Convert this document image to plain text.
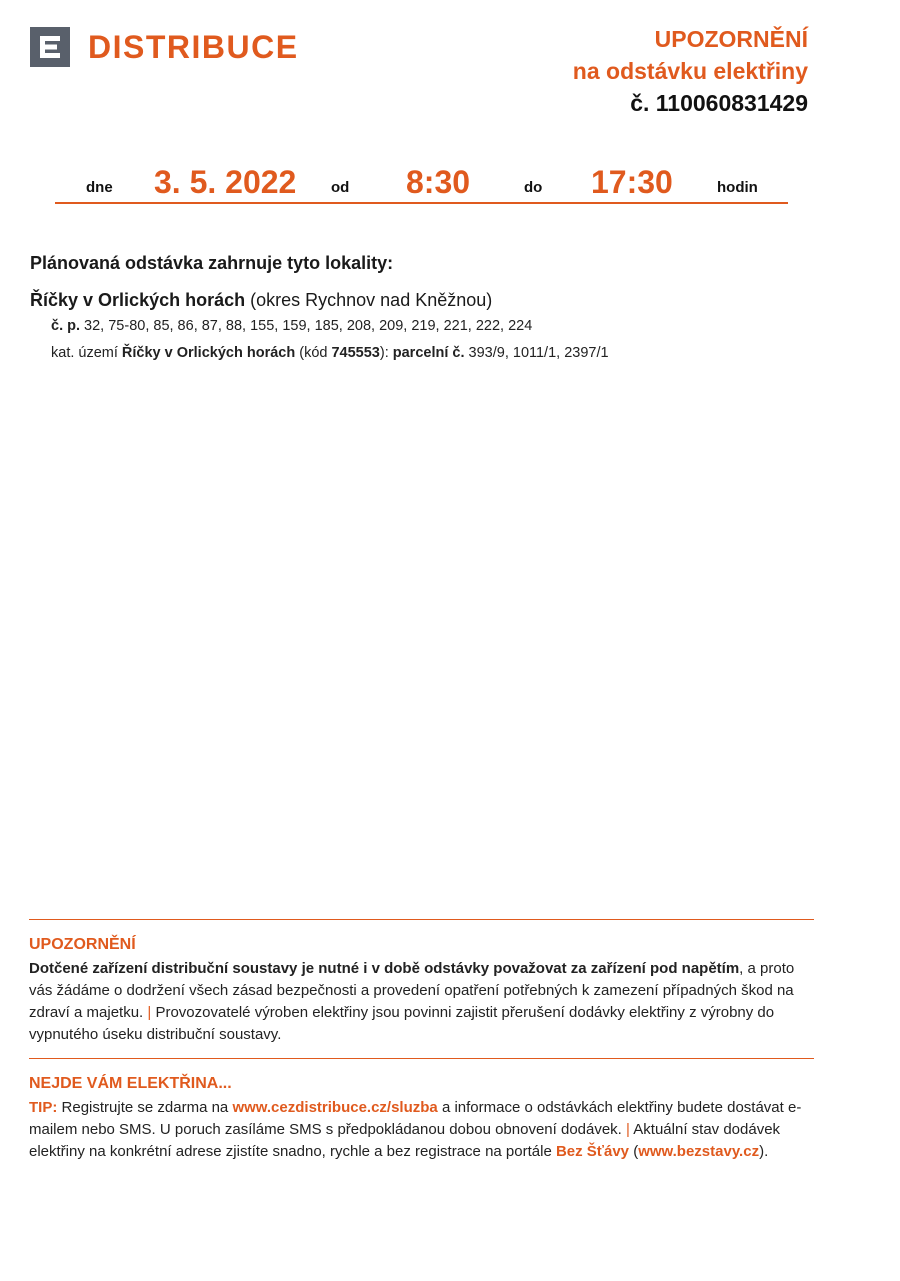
DISTRIBUCE	UPOZORNĚNÍ
na odstávku elektřiny
č. 110060831429
dne 3. 5. 2022 od 8:30	do 17:30	hodin
Plánovaná odstávka zahrnuje tyto lokality:
Říčky v Orlických horách (okres Rychnov nad Kněžnou)
č. p. 32, 75-80, 85, 86, 87, 88, 155, 159, 185, 208, 209, 219, 221, 222, 224
kat. území Říčky v Orlických horách (kód 745553): parcelní č. 393/9, 1011/1, 2397/1
UPOZORNĚNÍ
Dotčené zařízení distribuční soustavy je nutné i v době odstávky považovat za zařízení pod napětím, a proto vás žádáme o dodržení všech zásad bezpečnosti a provedení opatření potřebných k zamezení případných škod na zdraví a majetku. | Provozovatelé výroben elektřiny jsou povinni zajistit přerušení dodávky elektřiny z výrobny do vypnutého úseku distribuční soustavy.
NEJDE VÁM ELEKTŘINA...
TIP: Registrujte se zdarma na www.cezdistribuce.cz/sluzba a informace o odstávkách elektřiny budete dostávat e-mailem nebo SMS. U poruch zasíláme SMS s předpokládanou dobou obnovení dodávek. | Aktuální stav dodávek elektřiny na konkrétní adrese zjistíte snadno, rychle a bez registrace na portále Bez Šťávy (www.bezstavy.cz).
